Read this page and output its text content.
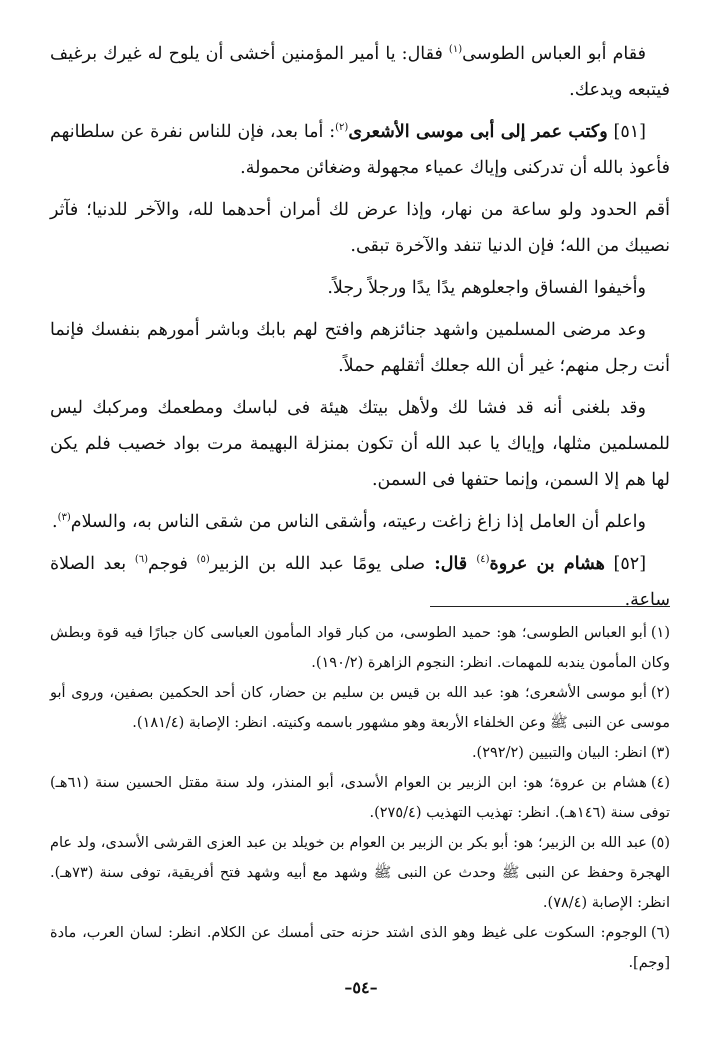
فقام أبو العباس الطوسى$^{(١)}$ فقال: يا أمير المؤمنين أخشى أن يلوح له غيرك برغيف فيتبعه ويدعك.

[٥١] وكتب عمر إلى أبى موسى الأشعرى$^{(٢)}$: أما بعد، فإن للناس نفرة عن سلطانهم فأعوذ بالله أن تدركنى وإياك عمياء مجهولة وضغائن محمولة.

أقم الحدود ولو ساعة من نهار، وإذا عرض لك أمران أحدهما لله، والآخر للدنيا؛ فآثر نصيبك من الله؛ فإن الدنيا تنفد والآخرة تبقى.

وأخيفوا الفساق واجعلوهم يدًا يدًا ورجلاً رجلاً.

وعد مرضى المسلمين واشهد جنائزهم وافتح لهم بابك وباشر أمورهم بنفسك فإنما أنت رجل منهم؛ غير أن الله جعلك أثقلهم حملاً.

وقد بلغنى أنه قد فشا لك ولأهل بيتك هيئة فى لباسك ومطعمك ومركبك ليس للمسلمين مثلها، وإياك يا عبد الله أن تكون بمنزلة البهيمة مرت بواد خصيب فلم يكن لها هم إلا السمن، وإنما حتفها فى السمن.

واعلم أن العامل إذا زاغ زاغت رعيته، وأشقى الناس من شقى الناس به، والسلام$^{(٣)}$.

[٥٢] هشام بن عروة$^{(٤)}$ قال: صلى يومًا عبد الله بن الزبير$^{(٥)}$ فوجم$^{(٦)}$ بعد الصلاة ساعة.

(١)أبو العباس الطوسى؛ هو: حميد الطوسى، من كبار قواد المأمون العباسى كان جبارًا فيه قوة وبطش وكان المأمون يندبه للمهمات. انظر: النجوم الزاهرة (١٩٠/٢).

(٢)أبو موسى الأشعرى؛ هو: عبد الله بن قيس بن سليم بن حضار، كان أحد الحكمين بصفين، وروى أبو موسى عن النبى ﷺ وعن الخلفاء الأربعة وهو مشهور باسمه وكنيته. انظر: الإصابة (١٨١/٤).

(٣)انظر: البيان والتبيين (٢٩٢/٢).

(٤)هشام بن عروة؛ هو: ابن الزبير بن العوام الأسدى، أبو المنذر، ولد سنة مقتل الحسين سنة (٦١هـ) توفى سنة (١٤٦هـ). انظر: تهذيب التهذيب (٢٧٥/٤).

(٥)عبد الله بن الزبير؛ هو: أبو بكر بن الزبير بن العوام بن خويلد بن عبد العزى القرشى الأسدى، ولد عام الهجرة وحفظ عن النبى ﷺ وحدث عن النبى ﷺ وشهد مع أبيه وشهد فتح أفريقية، توفى سنة (٧٣هـ). انظر: الإصابة (٧٨/٤).

(٦)الوجوم: السكوت على غيظ وهو الذى اشتد حزنه حتى أمسك عن الكلام. انظر: لسان العرب، مادة [وجم].

–٥٤–
